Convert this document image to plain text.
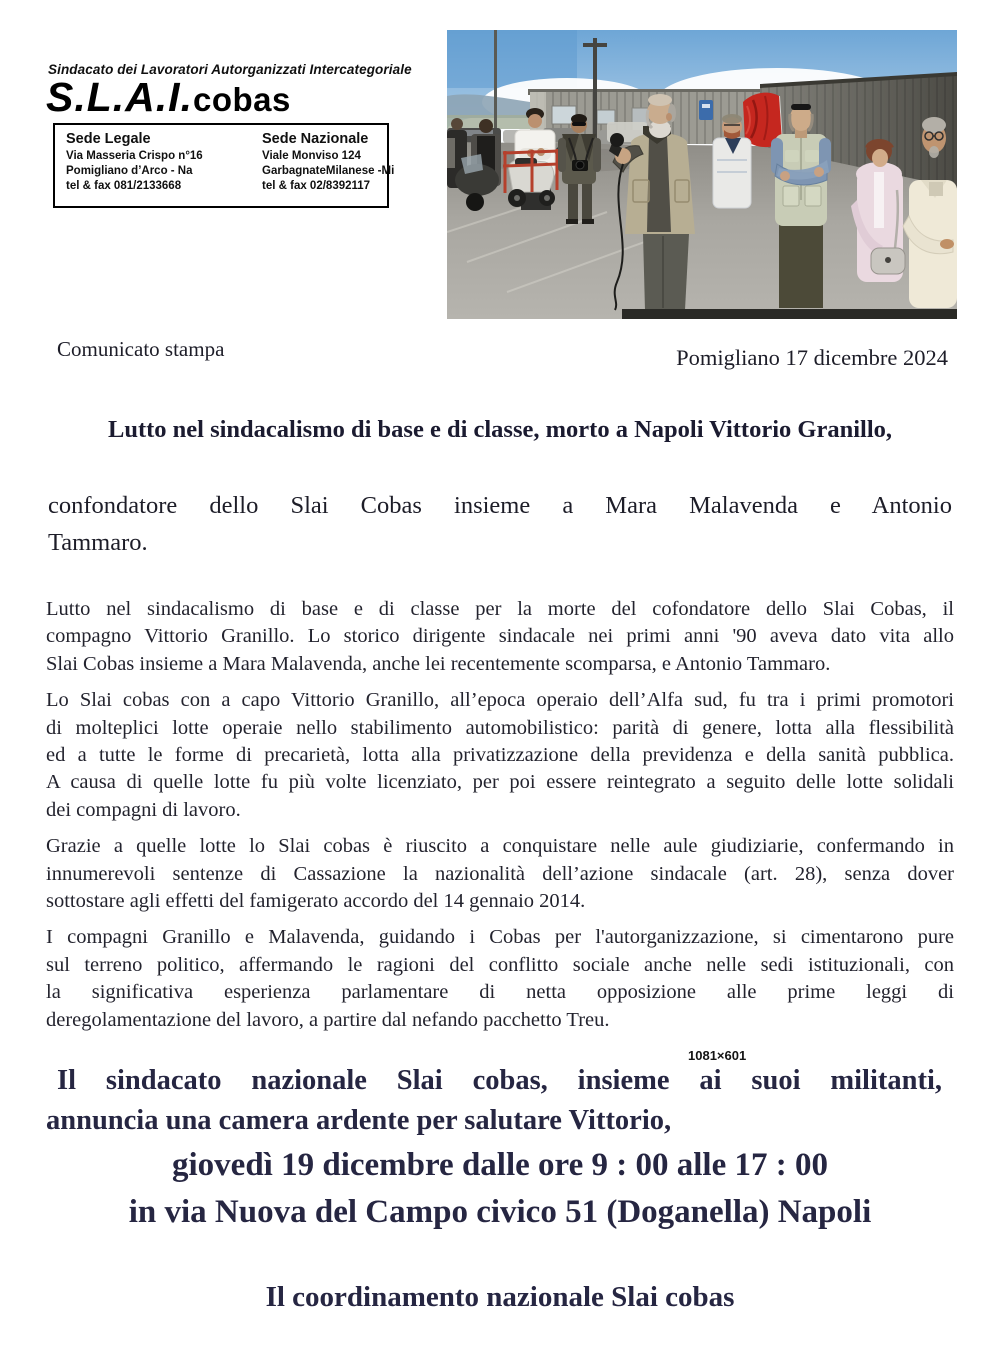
Sindacato dei Lavoratori Autorganizzati Intercategoriale
S.L.A.I.cobas
Sede Legale
Via Masseria Crispo n°16
Pomigliano d’Arco - Na
tel & fax 081/2133668
Sede Nazionale
Viale Monviso 124
GarbagnateMilanese -Mi
tel & fax 02/8392117
Comunicato stampa	Pomigliano 17 dicembre 2024
Lutto nel sindacalismo di base e di classe, morto a Napoli Vittorio Granillo,
confondatore dello Slai Cobas insieme a Mara Malavenda e Antonio
Tammaro.
Lutto nel sindacalismo di base e di classe per la morte del cofondatore dello Slai Cobas, il
compagno Vittorio Granillo. Lo storico dirigente sindacale nei primi anni '90 aveva dato vita allo
Slai Cobas insieme a Mara Malavenda, anche lei recentemente scomparsa, e Antonio Tammaro.
Lo Slai cobas con a capo Vittorio Granillo, all’epoca operaio dell’Alfa sud, fu tra i primi promotori
di molteplici lotte operaie nello stabilimento automobilistico: parità di genere, lotta alla flessibilità
ed a tutte le forme di precarietà, lotta alla privatizzazione della previdenza e della sanità pubblica.
A causa di quelle lotte fu più volte licenziato, per poi essere reintegrato a seguito delle lotte solidali
dei compagni di lavoro.
Grazie a quelle lotte lo Slai cobas è riuscito a conquistare nelle aule giudiziarie, confermando in
innumerevoli sentenze di Cassazione la nazionalità dell’azione sindacale (art. 28), senza dover
sottostare agli effetti del famigerato accordo del 14 gennaio 2014.
I compagni Granillo e Malavenda, guidando i Cobas per l'autorganizzazione, si cimentarono pure
sul terreno politico, affermando le ragioni del conflitto sociale anche nelle sedi istituzionali, con
la significativa esperienza parlamentare di netta opposizione alle prime leggi di
deregolamentazione del lavoro, a partire dal nefando pacchetto Treu.
1081×601
Il sindacato nazionale Slai cobas, insieme ai suoi militanti,
annuncia una camera ardente per salutare Vittorio,
giovedì 19 dicembre dalle ore 9 : 00 alle 17 : 00
in via Nuova del Campo civico 51 (Doganella) Napoli
Il coordinamento nazionale Slai cobas
